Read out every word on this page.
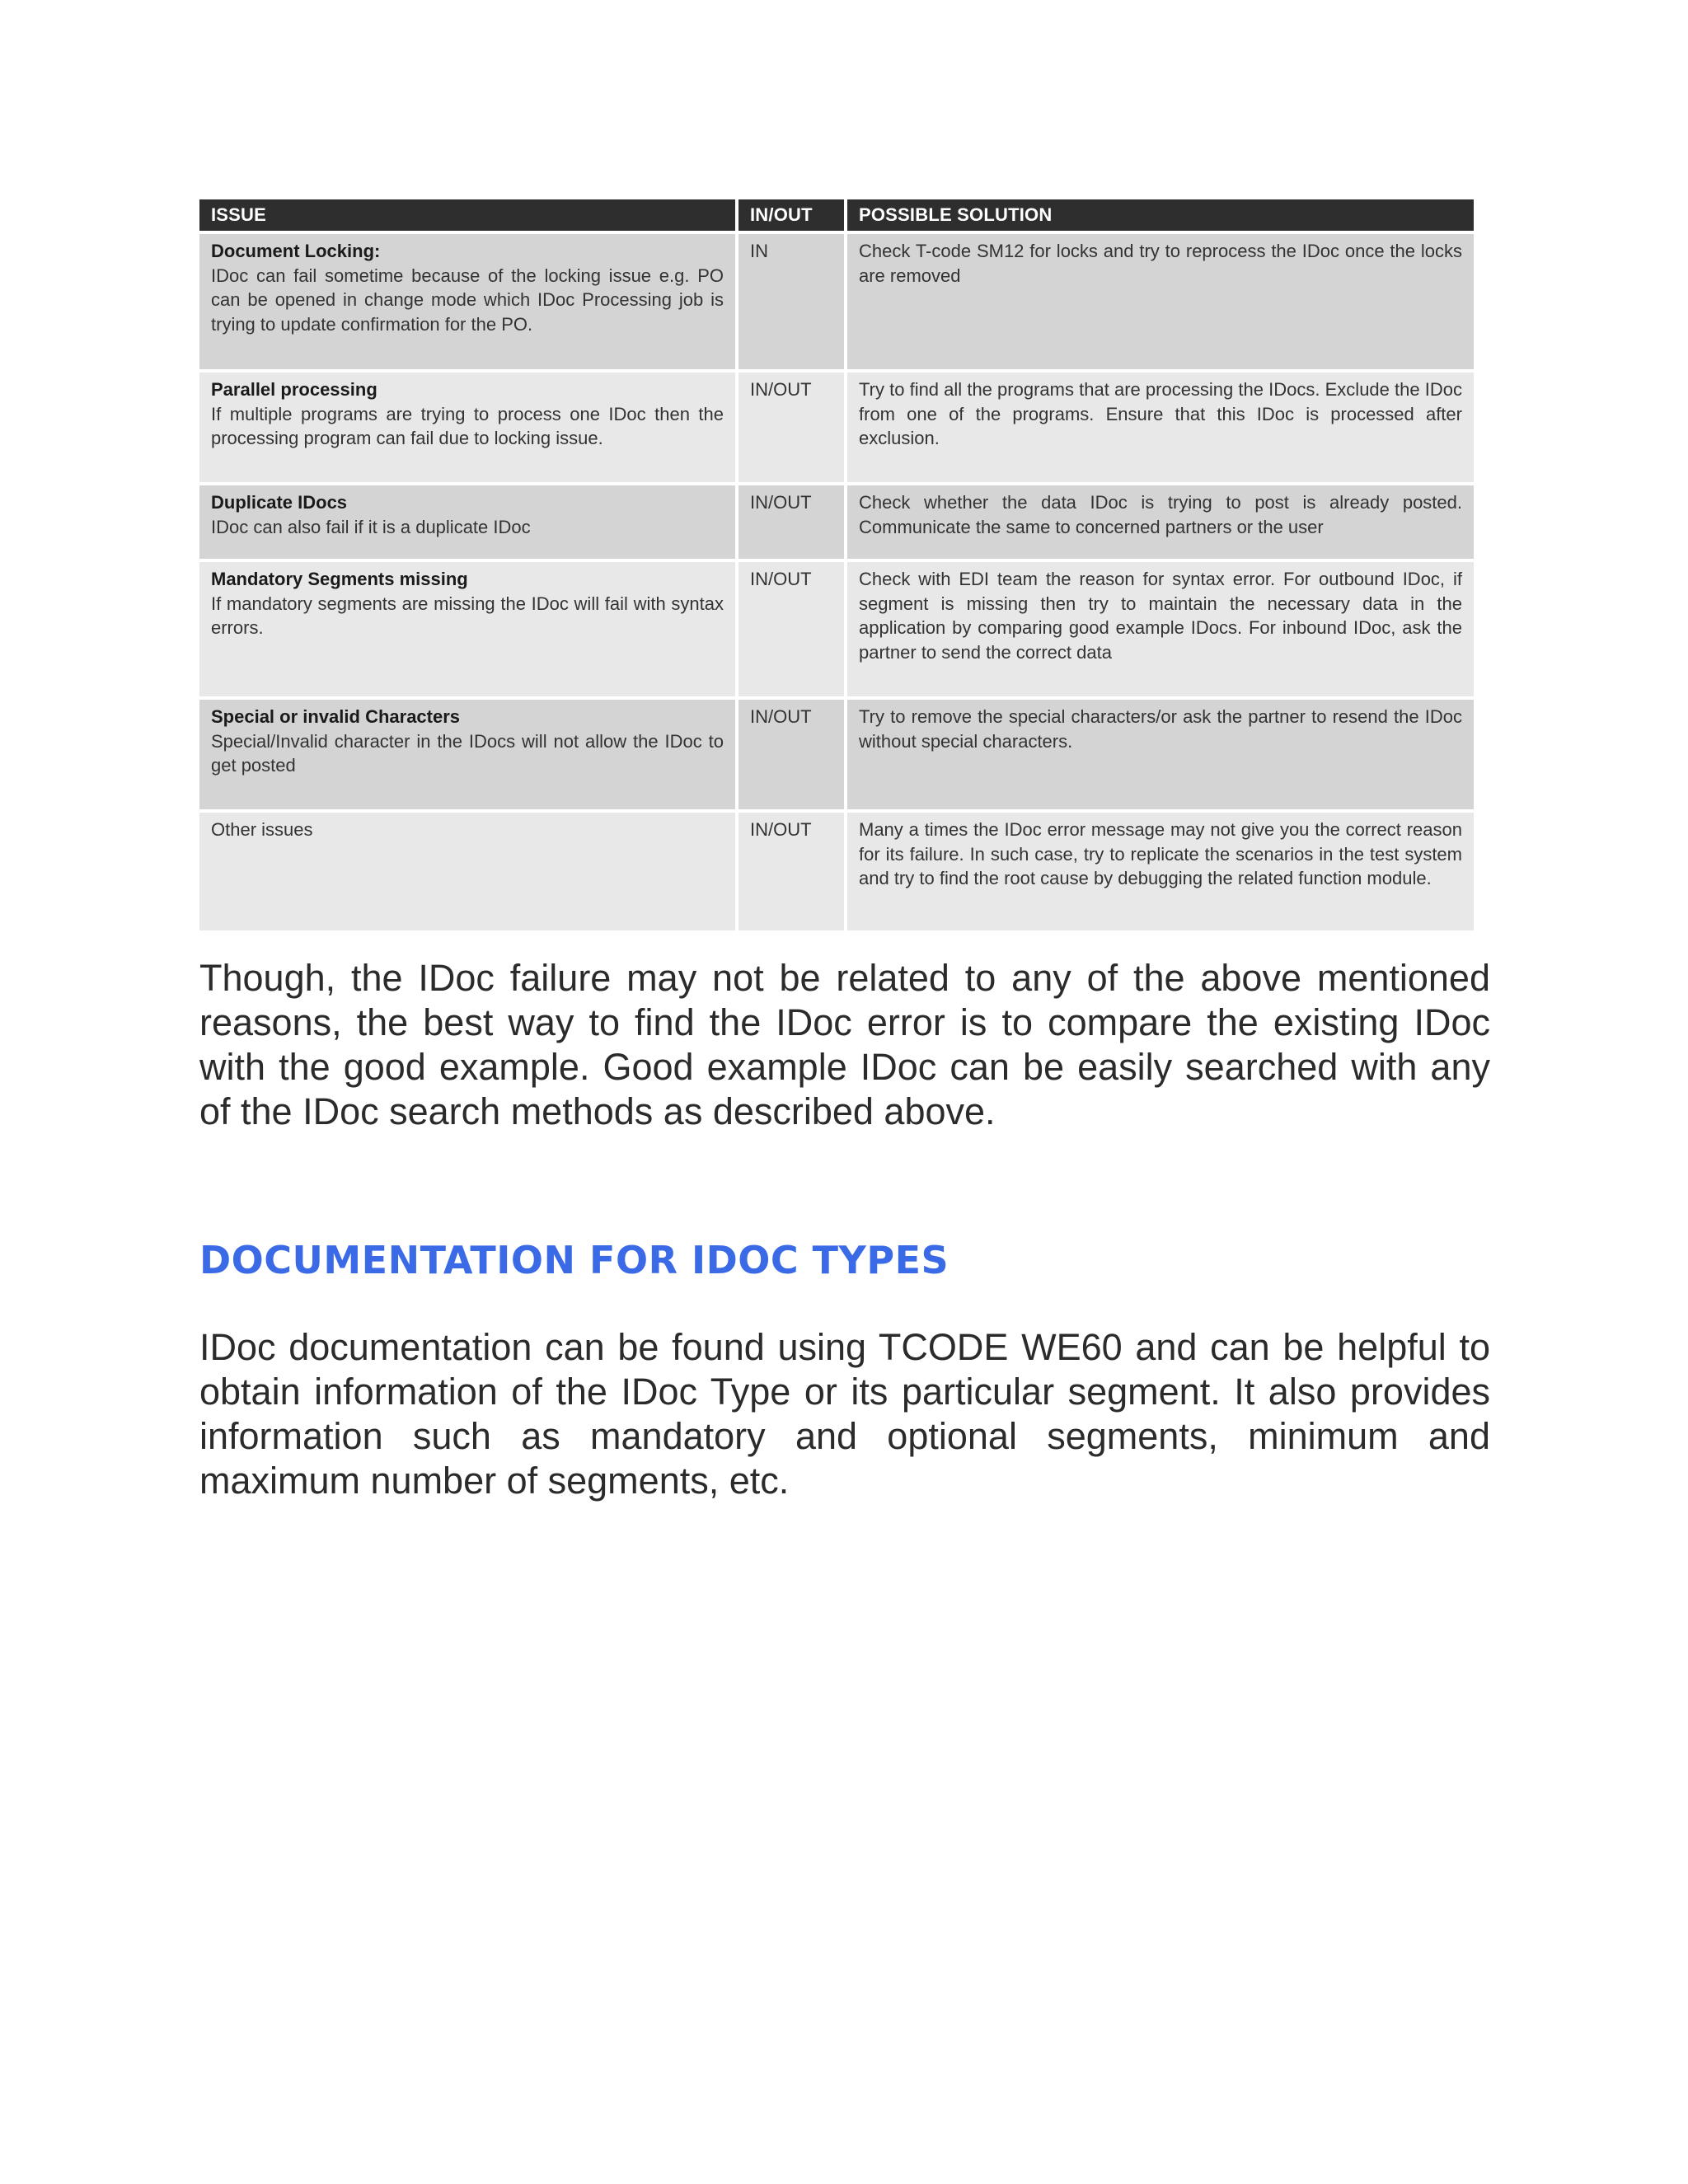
ISSUE	IN/OUT	POSSIBLE SOLUTION

Document Locking:
IDoc can fail sometime because of the locking issue e.g. PO can be opened in change mode which IDoc Processing job is trying to update confirmation for the PO.	IN	Check T-code SM12 for locks and try to reprocess the IDoc once the locks are removed

Parallel processing
If multiple programs are trying to process one IDoc then the processing program can fail due to locking issue.	IN/OUT	Try to find all the programs that are processing the IDocs. Exclude the IDoc from one of the programs. Ensure that this IDoc is processed after exclusion.

Duplicate IDocs
IDoc can also fail if it is a duplicate IDoc	IN/OUT	Check whether the data IDoc is trying to post is already posted. Communicate the same to concerned partners or the user

Mandatory Segments missing
If mandatory segments are missing the IDoc will fail with syntax errors.	IN/OUT	Check with EDI team the reason for syntax error. For outbound IDoc, if segment is missing then try to maintain the necessary data in the application by comparing good example IDocs. For inbound IDoc, ask the partner to send the correct data

Special or invalid Characters
Special/Invalid character in the IDocs will not allow the IDoc to get posted	IN/OUT	Try to remove the special characters/or ask the partner to resend the IDoc without special characters.

Other issues	IN/OUT	Many a times the IDoc error message may not give you the correct reason for its failure. In such case, try to replicate the scenarios in the test system and try to find the root cause by debugging the related function module.

Though, the IDoc failure may not be related to any of the above mentioned reasons, the best way to find the IDoc error is to compare the existing IDoc with the good example. Good example IDoc can be easily searched with any of the IDoc search methods as described above.

DOCUMENTATION FOR IDOC TYPES

IDoc documentation can be found using TCODE WE60 and can be helpful to obtain information of the IDoc Type or its particular segment. It also provides information such as mandatory and optional segments, minimum and maximum number of segments, etc.
